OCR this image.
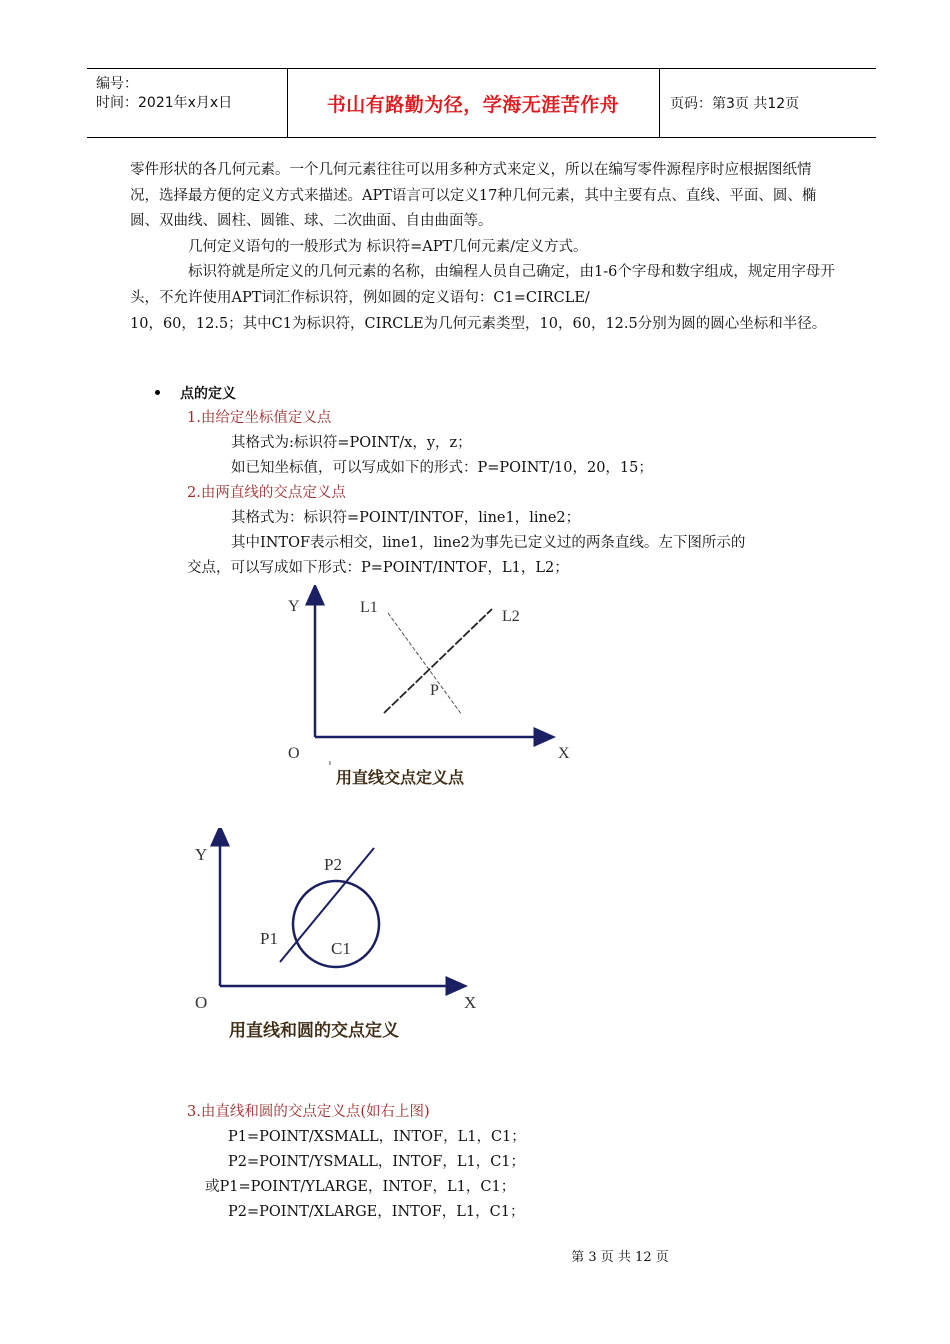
编号：
时间：2021年x月x日	书山有路勤为径，学海无涯苦作舟	页码：第3页 共12页

零件形状的各几何元素。一个几何元素往往可以用多种方式来定义，所以在编写零件源程序时应根据图纸情况，选择最方便的定义方式来描述。APT语言可以定义17种几何元素，其中主要有点、直线、平面、圆、椭圆、双曲线、圆柱、圆锥、球、二次曲面、自由曲面等。

几何定义语句的一般形式为 标识符=APT几何元素/定义方式。

标识符就是所定义的几何元素的名称，由编程人员自己确定，由1-6个字母和数字组成，规定用字母开头，不允许使用APT词汇作标识符，例如圆的定义语句：C1=CIRCLE/

10，60，12.5；其中C1为标识符，CIRCLE为几何元素类型，10，60，12.5分别为圆的圆心坐标和半径。

点的定义
1.由给定坐标值定义点
其格式为:标识符=POINT/x，y，z；
如已知坐标值，可以写成如下的形式：P=POINT/10，20，15；
2.由两直线的交点定义点
其格式为：标识符=POINT/INTOF，line1，line2；
其中INTOF表示相交，line1，line2为事先已定义过的两条直线。左下图所示的
交点，可以写成如下形式：P=POINT/INTOF，L1，L2；
Y	L1
L2
P
O	X
用直线交点定义点
Y
P2
P1
C1
O	X
用直线和圆的交点定义
3.由直线和圆的交点定义点(如右上图)
P1=POINT/XSMALL，INTOF，L1，C1；
P2=POINT/YSMALL，INTOF，L1，C1；
或P1=POINT/YLARGE，INTOF，L1，C1；
P2=POINT/XLARGE，INTOF，L1，C1；
第 3 页 共 12 页
